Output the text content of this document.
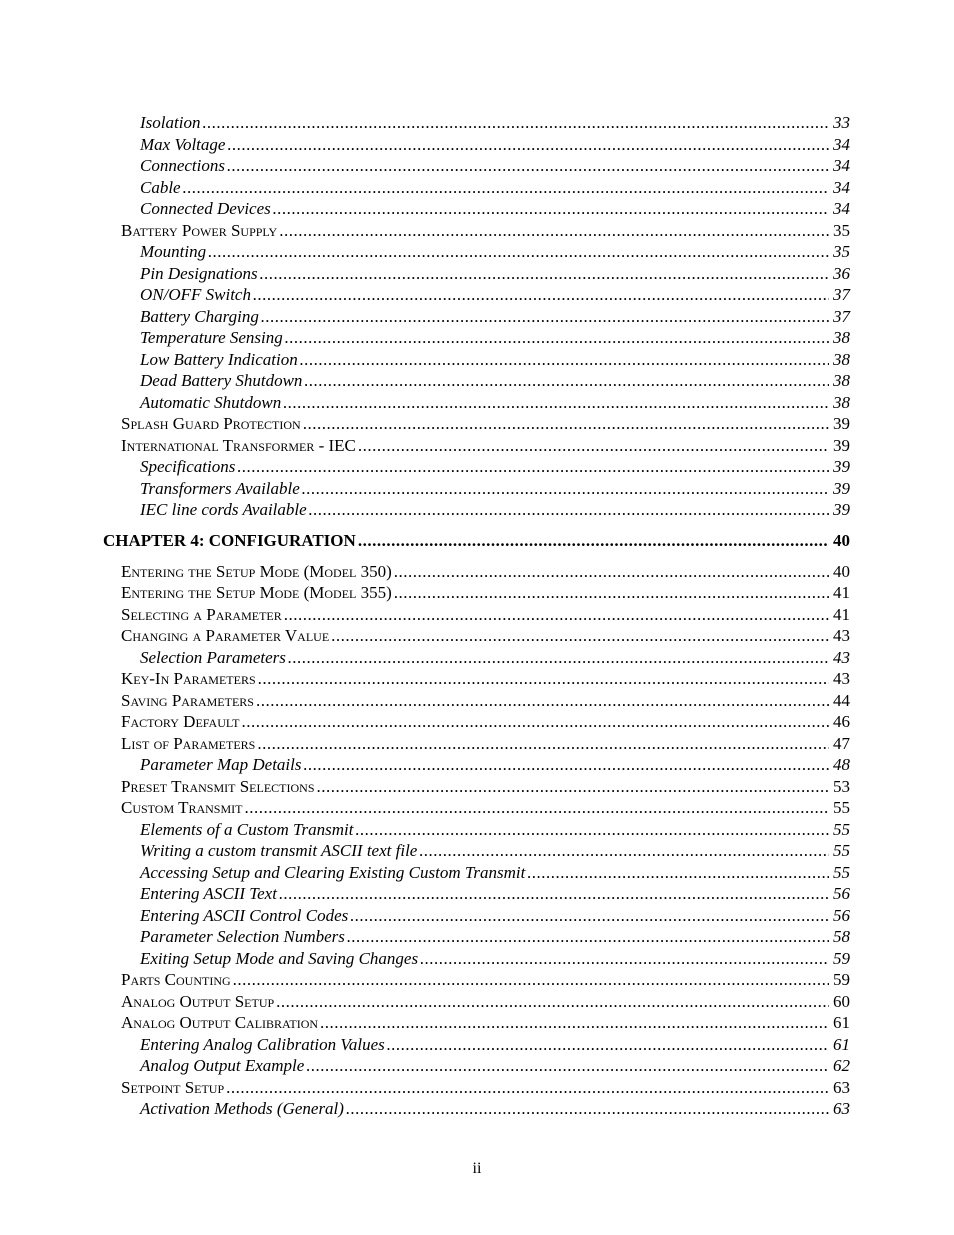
Isolation .....	33
Max Voltage .....	34
Connections .....	34
Cable .....	34
Connected Devices .....	34
Battery Power Supply .....	35
Mounting .....	35
Pin Designations .....	36
ON/OFF Switch .....	37
Battery Charging .....	37
Temperature Sensing .....	38
Low Battery Indication .....	38
Dead Battery Shutdown .....	38
Automatic Shutdown .....	38
Splash Guard Protection .....	39
International Transformer - IEC .....	39
Specifications .....	39
Transformers Available .....	39
IEC line cords Available .....	39
CHAPTER 4: CONFIGURATION .....	40
Entering the Setup Mode (Model 350) .....	40
Entering the Setup Mode (Model 355) .....	41
Selecting a Parameter .....	41
Changing a Parameter Value .....	43
Selection Parameters .....	43
Key-In Parameters .....	43
Saving Parameters .....	44
Factory Default .....	46
List of Parameters .....	47
Parameter Map Details .....	48
Preset Transmit Selections .....	53
Custom Transmit .....	55
Elements of a Custom Transmit .....	55
Writing a custom transmit ASCII text file .....	55
Accessing Setup and Clearing Existing Custom Transmit .....	55
Entering ASCII Text .....	56
Entering ASCII Control Codes .....	56
Parameter Selection Numbers .....	58
Exiting Setup Mode and Saving Changes .....	59
Parts Counting .....	59
Analog Output Setup .....	60
Analog Output Calibration .....	61
Entering Analog Calibration Values .....	61
Analog Output Example .....	62
Setpoint Setup .....	63
Activation Methods (General) .....	63
ii
